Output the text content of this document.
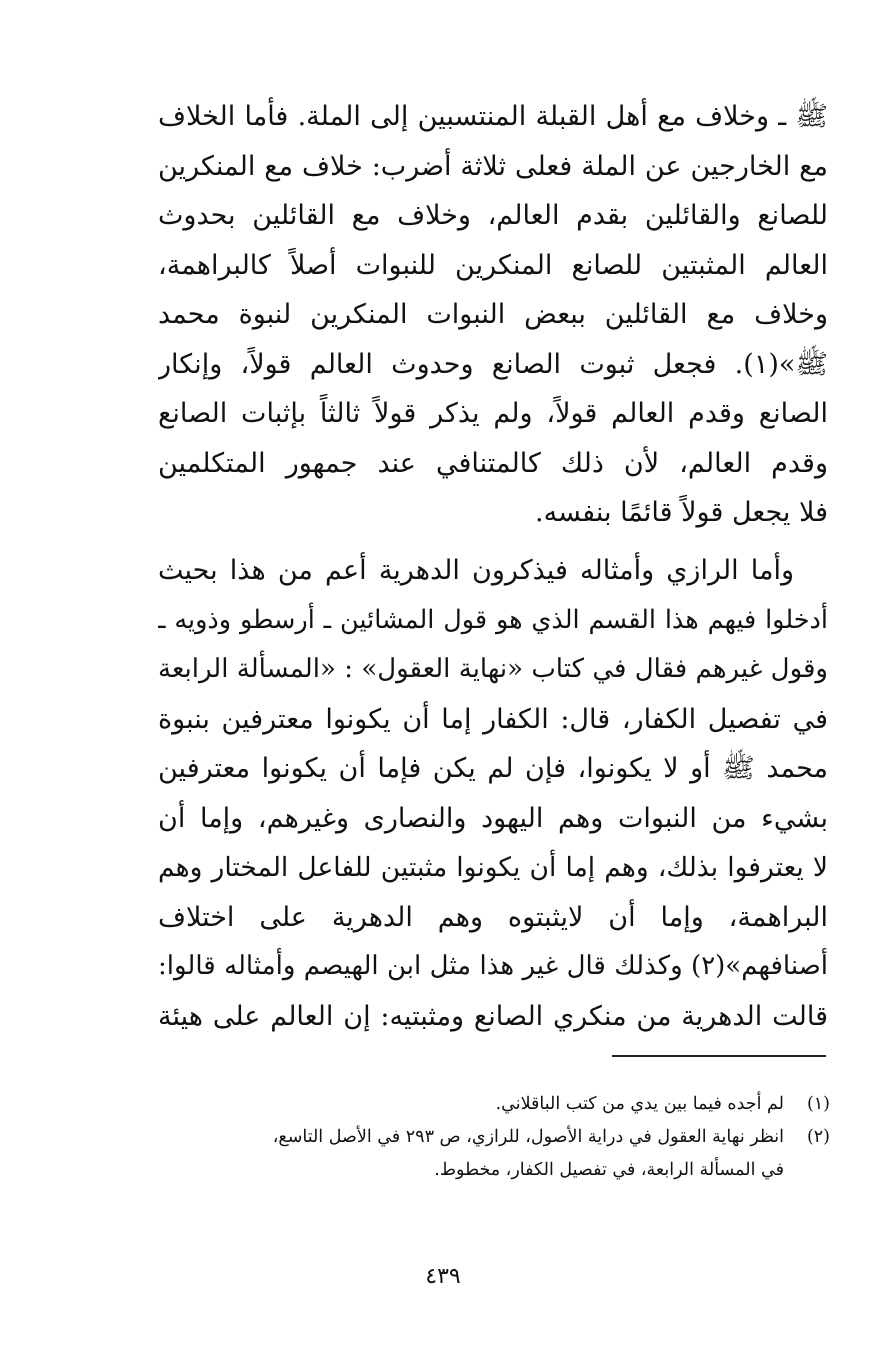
ﷺ ـ وخلاف مع أهل القبلة المنتسبين إلى الملة. فأما الخلاف
مع الخارجين عن الملة فعلى ثلاثة أضرب: خلاف مع المنكرين
للصانع والقائلين بقدم العالم، وخلاف مع القائلين بحدوث
العالم المثبتين للصانع المنكرين للنبوات أصلاً كالبراهمة،
وخلاف مع القائلين ببعض النبوات المنكرين لنبوة محمد
ﷺ»(١). فجعل ثبوت الصانع وحدوث العالم قولاً، وإنكار
الصانع وقدم العالم قولاً، ولم يذكر قولاً ثالثاً بإثبات الصانع
وقدم العالم، لأن ذلك كالمتنافي عند جمهور المتكلمين
فلا يجعل قولاً قائمًا بنفسه.
وأما الرازي وأمثاله فيذكرون الدهرية أعم من هذا بحيث
أدخلوا فيهم هذا القسم الذي هو قول المشائين ـ أرسطو وذويه ـ
وقول غيرهم فقال في كتاب «نهاية العقول» : «المسألة الرابعة
في تفصيل الكفار، قال: الكفار إما أن يكونوا معترفين بنبوة
محمد ﷺ أو لا يكونوا، فإن لم يكن فإما أن يكونوا معترفين
بشيء من النبوات وهم اليهود والنصارى وغيرهم، وإما أن
لا يعترفوا بذلك، وهم إما أن يكونوا مثبتين للفاعل المختار وهم
البراهمة، وإما أن لايثبتوه وهم الدهرية على اختلاف
أصنافهم»(٢) وكذلك قال غير هذا مثل ابن الهيصم وأمثاله قالوا:
قالت الدهرية من منكري الصانع ومثبتيه: إن العالم على هيئة
(١)
لم أجده فيما بين يدي من كتب الباقلاني.
(٢)
انظر نهاية العقول في دراية الأصول، للرازي، ص ٢٩٣ في الأصل التاسع،
في المسألة الرابعة، في تفصيل الكفار، مخطوط.
٤٣٩
